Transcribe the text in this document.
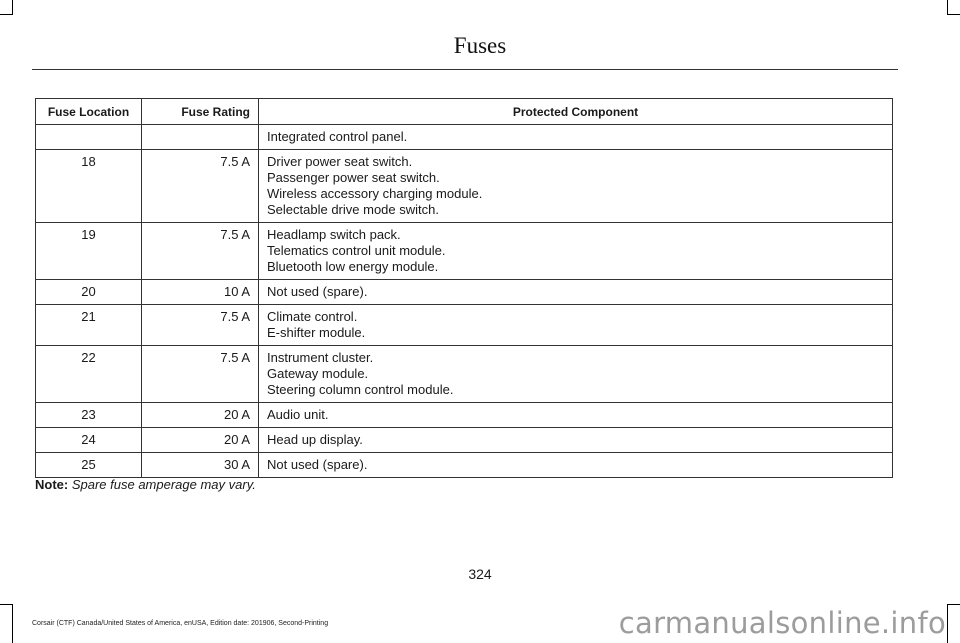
Fuses
Fuse Location	Fuse Rating	Protected Component

		Integrated control panel.

18	7.5 A	Driver power seat switch.
Passenger power seat switch.
Wireless accessory charging module.
Selectable drive mode switch.

19	7.5 A	Headlamp switch pack.
Telematics control unit module.
Bluetooth low energy module.

20	10 A	Not used (spare).

21	7.5 A	Climate control.
E-shifter module.

22	7.5 A	Instrument cluster.
Gateway module.
Steering column control module.

23	20 A	Audio unit.

24	20 A	Head up display.

25	30 A	Not used (spare).
Note: Spare fuse amperage may vary.
324
Corsair (CTF) Canada/United States of America, enUSA, Edition date: 201906, Second-Printing	carmanualsonline.info
